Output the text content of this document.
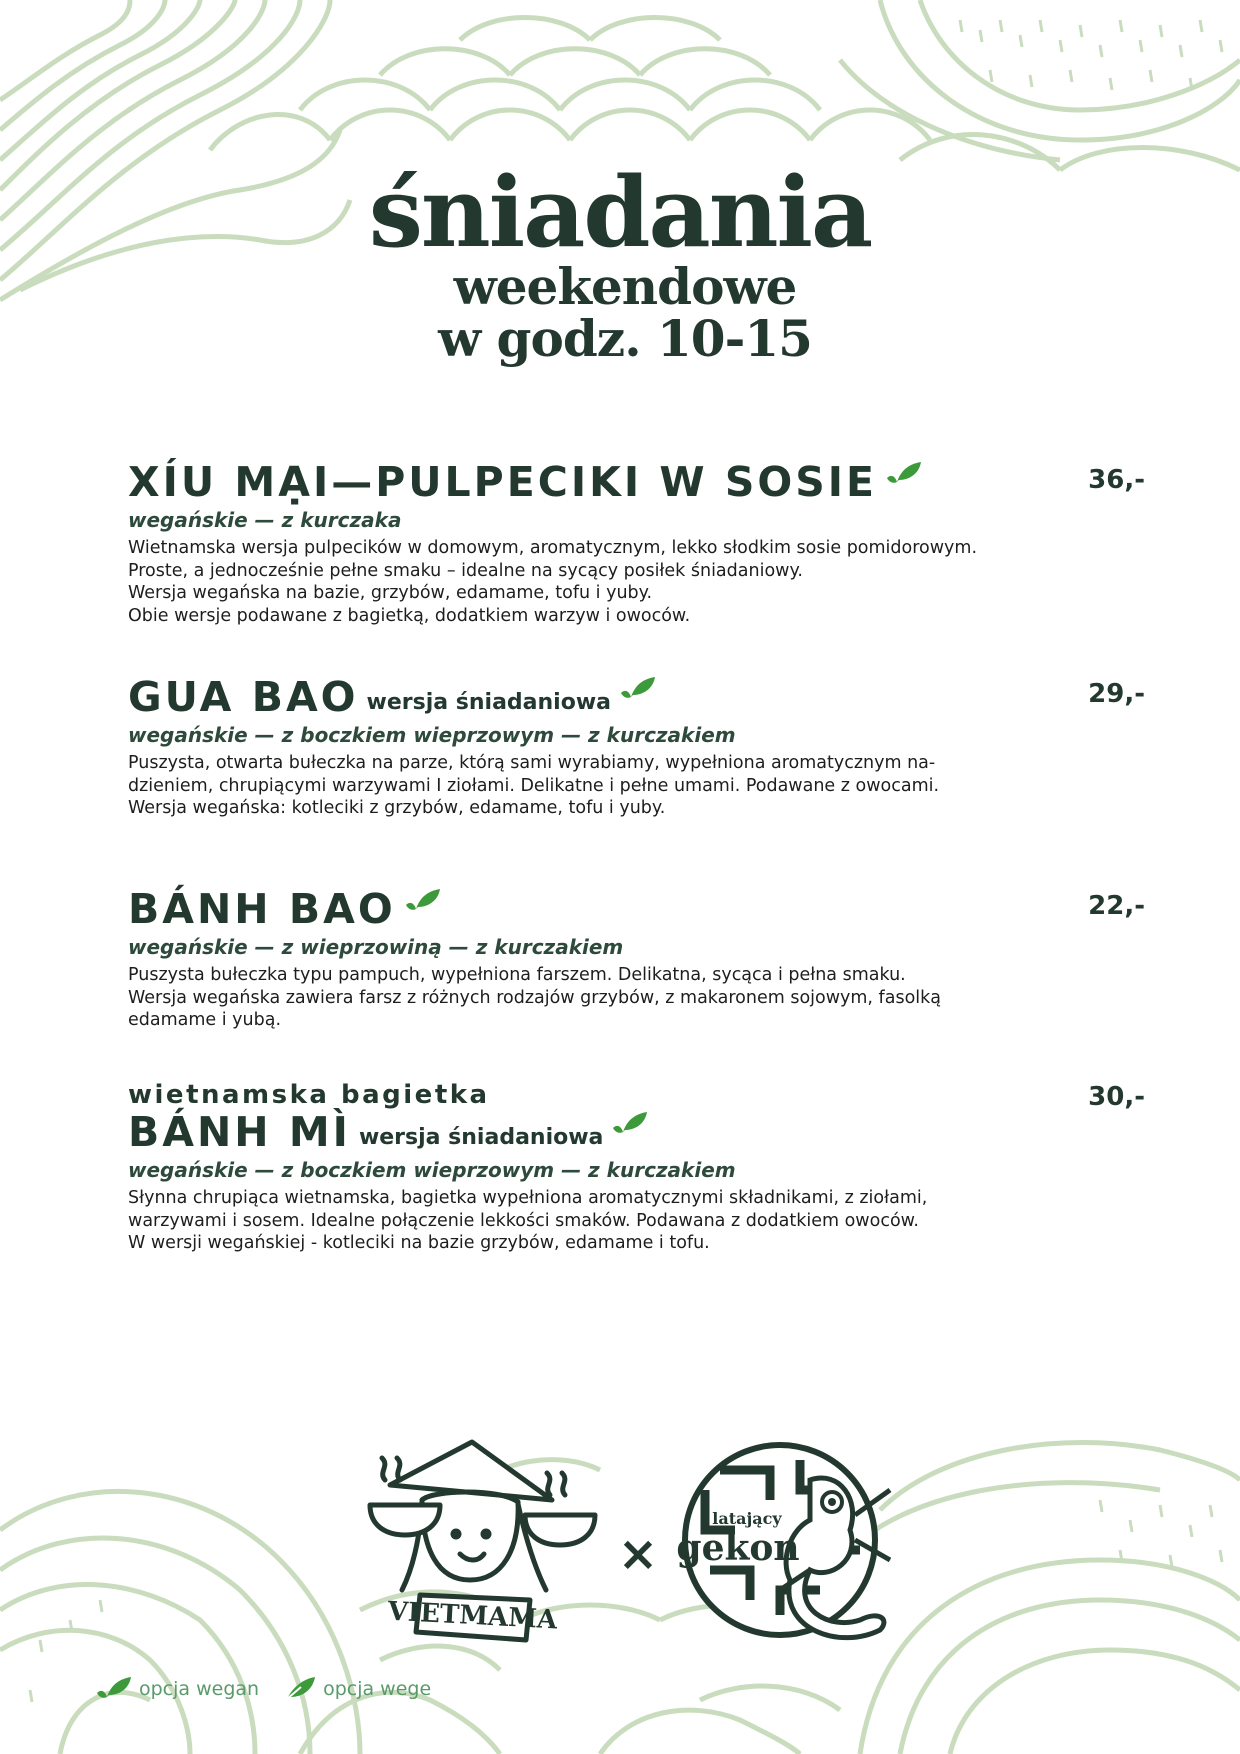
śniadania
weekendowe
w godz. 10-15
XÍU MẠI—PULPECIKI W SOSIE
wegańskie — z kurczaka
Wietnamska wersja pulpecików w domowym, aromatycznym, lekko słodkim sosie pomidorowym.
Proste, a jednocześnie pełne smaku – idealne na sycący posiłek śniadaniowy.
Wersja wegańska na bazie, grzybów, edamame, tofu i yuby.
Obie wersje podawane z bagietką, dodatkiem warzyw i owoców.
36,-
GUA BAO wersja śniadaniowa
wegańskie — z boczkiem wieprzowym — z kurczakiem
Puszysta, otwarta bułeczka na parze, którą sami wyrabiamy, wypełniona aromatycznym na-
dzieniem, chrupiącymi warzywami I ziołami. Delikatne i pełne umami. Podawane z owocami.
Wersja wegańska: kotleciki z grzybów, edamame, tofu i yuby.
29,-
BÁNH BAO
wegańskie — z wieprzowiną — z kurczakiem
Puszysta bułeczka typu pampuch, wypełniona farszem. Delikatna, sycąca i pełna smaku.
Wersja wegańska zawiera farsz z różnych rodzajów grzybów, z makaronem sojowym, fasolką
edamame i yubą.
22,-
wietnamska bagietka
BÁNH MÌ wersja śniadaniowa
wegańskie — z boczkiem wieprzowym — z kurczakiem
Słynna chrupiąca wietnamska, bagietka wypełniona aromatycznymi składnikami, z ziołami,
warzywami i sosem. Idealne połączenie lekkości smaków. Podawana z dodatkiem owoców.
W wersji wegańskiej - kotleciki na bazie grzybów, edamame i tofu.
30,-
VIETMAMA
×
latający
gekon
opcja wegan	opcja wege
